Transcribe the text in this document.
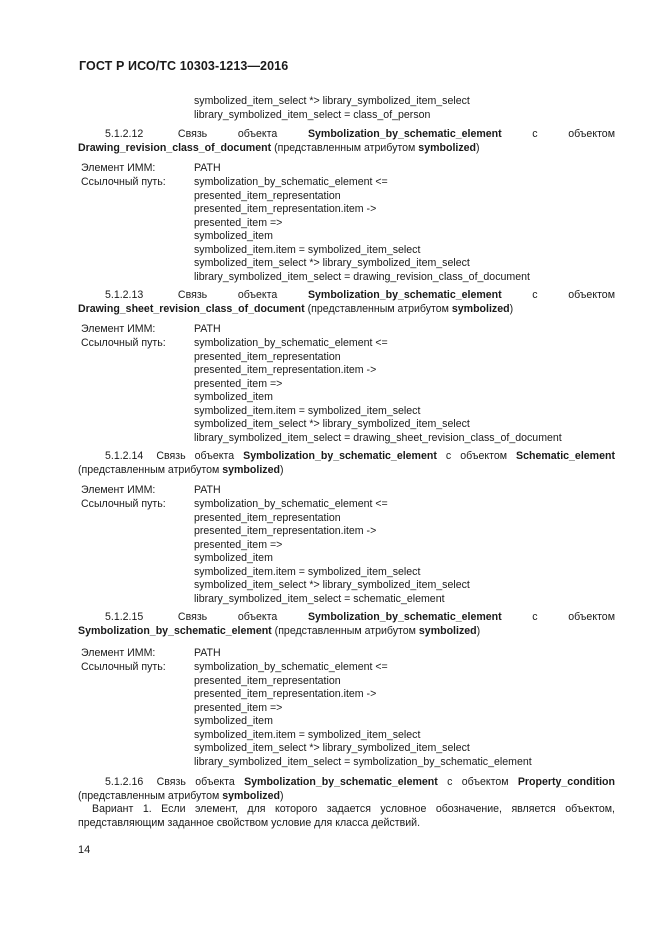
ГОСТ Р ИСО/ТС 10303-1213—2016
symbolized_item_select *> library_symbolized_item_select
library_symbolized_item_select = class_of_person
5.1.2.12	Связь объекта	Symbolization_by_schematic_element	с объектом Drawing_revision_class_of_document (представленным атрибутом symbolized)
Элемент ИММ:	PATH
Ссылочный путь:	symbolization_by_schematic_element <=
presented_item_representation
presented_item_representation.item ->
presented_item =>
symbolized_item
symbolized_item.item = symbolized_item_select
symbolized_item_select *> library_symbolized_item_select
library_symbolized_item_select = drawing_revision_class_of_document
5.1.2.13	Связь объекта	Symbolization_by_schematic_element	с объектом Drawing_sheet_revision_class_of_document (представленным атрибутом symbolized)
Элемент ИММ:	PATH
Ссылочный путь:	symbolization_by_schematic_element <=
presented_item_representation
presented_item_representation.item ->
presented_item =>
symbolized_item
symbolized_item.item = symbolized_item_select
symbolized_item_select *> library_symbolized_item_select
library_symbolized_item_select = drawing_sheet_revision_class_of_document
5.1.2.14 Связь объекта Symbolization_by_schematic_element с объектом Schematic_element (представленным атрибутом symbolized)
Элемент ИММ:	PATH
Ссылочный путь:	symbolization_by_schematic_element <=
presented_item_representation
presented_item_representation.item ->
presented_item =>
symbolized_item
symbolized_item.item = symbolized_item_select
symbolized_item_select *> library_symbolized_item_select
library_symbolized_item_select = schematic_element
5.1.2.15	Связь объекта	Symbolization_by_schematic_element	с объектом Symbolization_by_schematic_element (представленным атрибутом symbolized)
Элемент ИММ:	PATH
Ссылочный путь:	symbolization_by_schematic_element <=
presented_item_representation
presented_item_representation.item ->
presented_item =>
symbolized_item
symbolized_item.item = symbolized_item_select
symbolized_item_select *> library_symbolized_item_select
library_symbolized_item_select = symbolization_by_schematic_element
5.1.2.16 Связь объекта Symbolization_by_schematic_element с объектом Property_condition (представленным атрибутом symbolized)
Вариант 1. Если элемент, для которого задается условное обозначение, является объектом, представляющим заданное свойством условие для класса действий.
14
